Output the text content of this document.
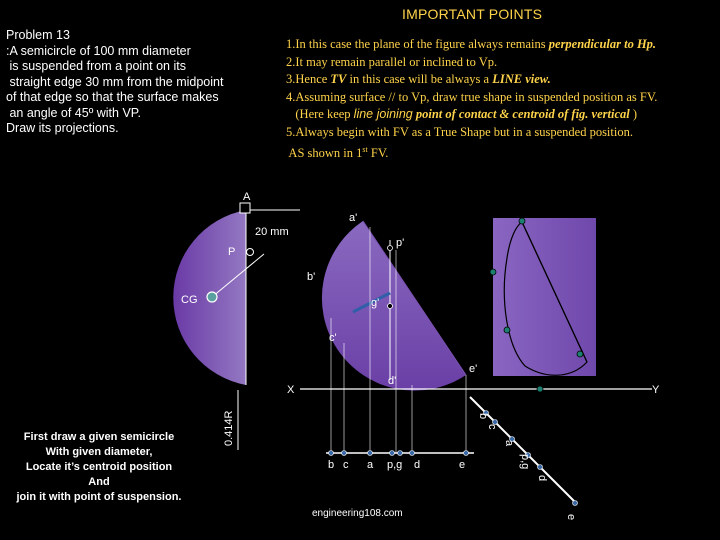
A
P
CG
20 mm
0.414R
a'
p'
b'
g'
c'
e'
d'
X	Y
b c a p,g d	e
b
c
a
p,g
d
e
Problem 13
:A semicircle of 100 mm diameter
is suspended from a point on its
straight edge 30 mm from the midpoint
of that edge so that the surface makes
an angle of 45º with VP.
Draw its projections.
IMPORTANT POINTS
1.In this case the plane of the figure always remains perpendicular to Hp.
2.It may remain parallel or inclined to Vp.
3.Hence TV in this case will be always a LINE view.
4.Assuming surface // to Vp, draw true shape in suspended position as FV.
(Here keep line joining point of contact & centroid of fig. vertical )
5.Always begin with FV as a True Shape but in a suspended position.
AS shown in 1st FV.
First draw a given semicircle
With given diameter,
Locate it’s centroid position
And
join it with point of suspension.
engineering108.com
